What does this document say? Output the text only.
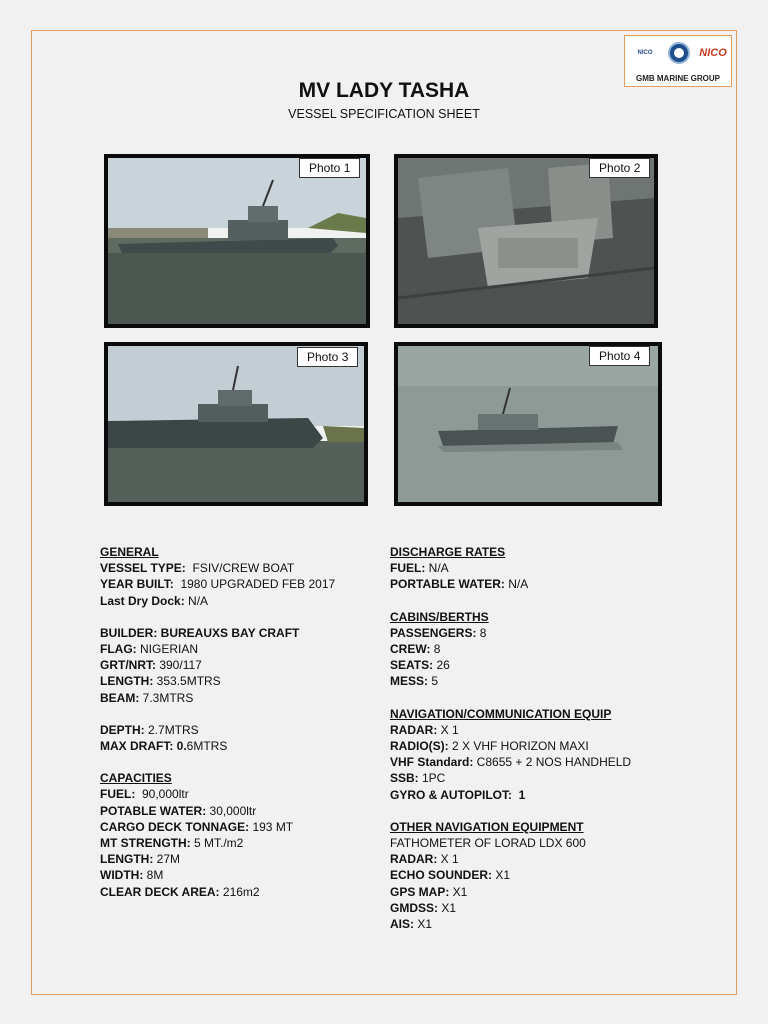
NICO	NICO
GMB MARINE GROUP
MV LADY TASHA
VESSEL SPECIFICATION SHEET
Photo 1	Photo 2
Photo 3	Photo 4
GENERAL
VESSEL TYPE:  FSIV/CREW BOAT
YEAR BUILT:  1980 UPGRADED FEB 2017
Last Dry Dock: N/A
BUILDER: BUREAUXS BAY CRAFT
FLAG: NIGERIAN
GRT/NRT: 390/117
LENGTH: 353.5MTRS
BEAM: 7.3MTRS
DEPTH: 2.7MTRS
MAX DRAFT: 0.6MTRS
CAPACITIES
FUEL:  90,000ltr
POTABLE WATER: 30,000ltr
CARGO DECK TONNAGE: 193 MT
MT STRENGTH: 5 MT./m2
LENGTH: 27M
WIDTH: 8M
CLEAR DECK AREA: 216m2
DISCHARGE RATES
FUEL: N/A
PORTABLE WATER: N/A
CABINS/BERTHS
PASSENGERS: 8
CREW: 8
SEATS: 26
MESS: 5
NAVIGATION/COMMUNICATION EQUIP
RADAR: X 1
RADIO(S): 2 X VHF HORIZON MAXI
VHF Standard: C8655 + 2 NOS HANDHELD
SSB: 1PC
GYRO & AUTOPILOT:  1
OTHER NAVIGATION EQUIPMENT
FATHOMETER OF LORAD LDX 600
RADAR: X 1
ECHO SOUNDER: X1
GPS MAP: X1
GMDSS: X1
AIS: X1
